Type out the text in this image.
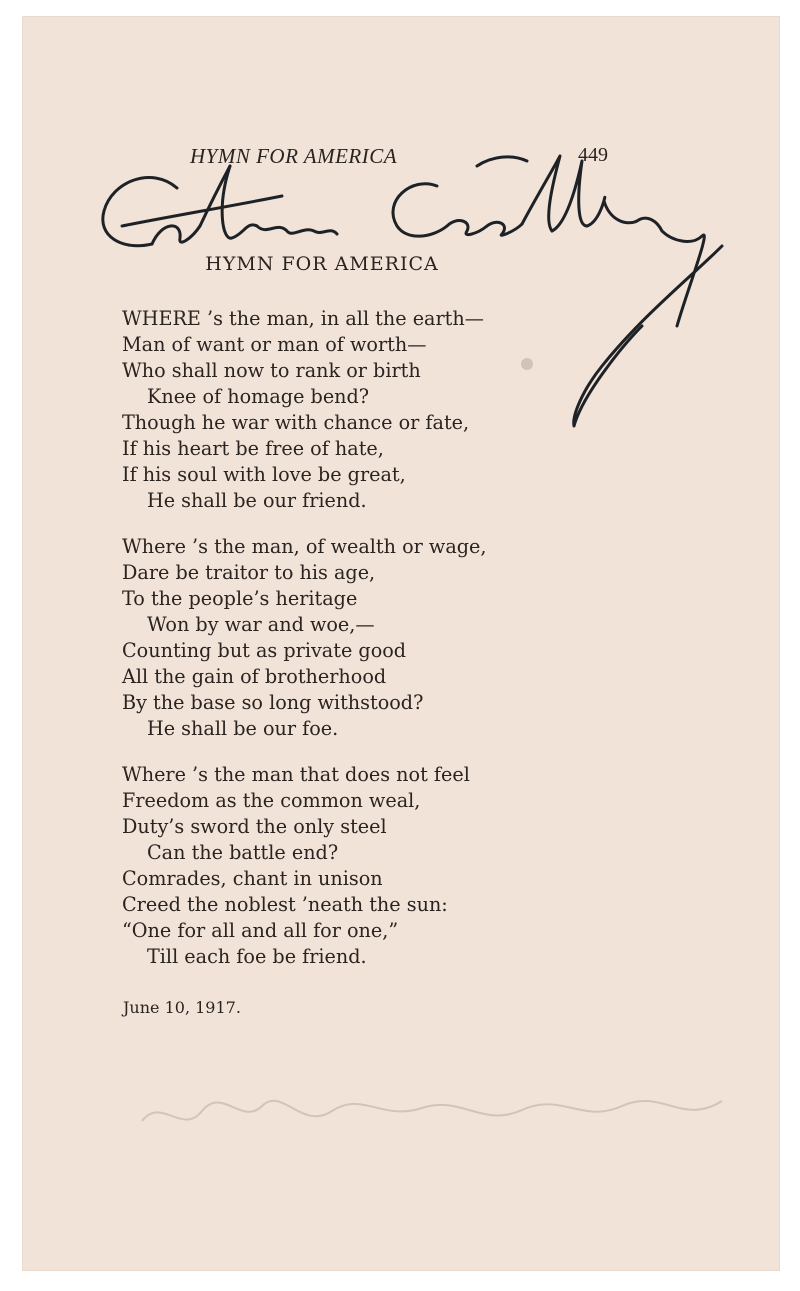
HYMN FOR AMERICA	449
HYMN FOR AMERICA
WHERE ’s the man, in all the earth—
Man of want or man of worth—
Who shall now to rank or birth
Knee of homage bend?
Though he war with chance or fate,
If his heart be free of hate,
If his soul with love be great,
He shall be our friend.
Where ’s the man, of wealth or wage,
Dare be traitor to his age,
To the people’s heritage
Won by war and woe,—
Counting but as private good
All the gain of brotherhood
By the base so long withstood?
He shall be our foe.
Where ’s the man that does not feel
Freedom as the common weal,
Duty’s sword the only steel
Can the battle end?
Comrades, chant in unison
Creed the noblest ’neath the sun:
“One for all and all for one,”
Till each foe be friend.
June 10, 1917.
